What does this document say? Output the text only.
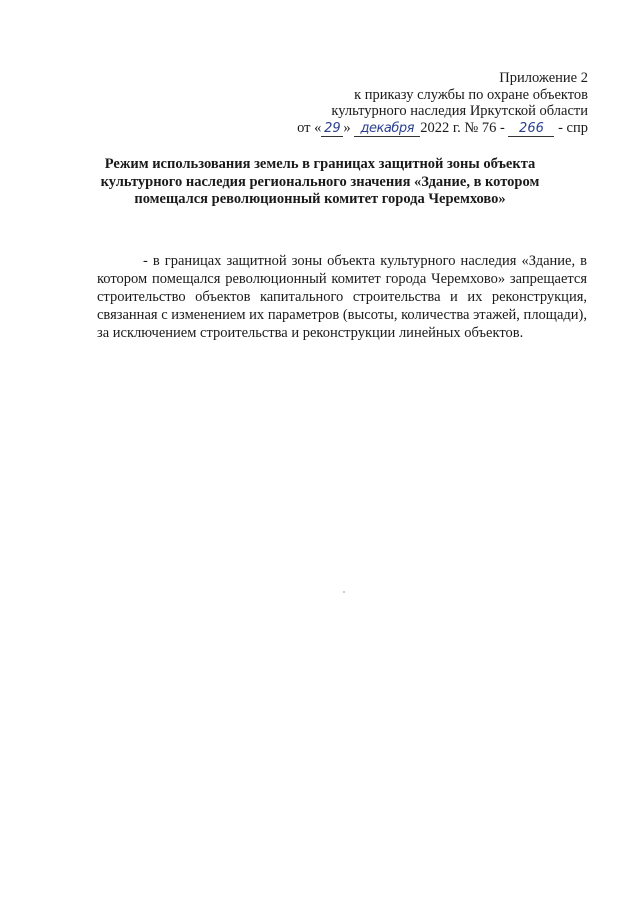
Приложение 2
к приказу службы по охране объектов
культурного наследия Иркутской области
от « 29 » декабря 2022 г. № 76 - 266 - спр
Режим использования земель в границах защитной зоны объекта культурного наследия регионального значения «Здание, в котором помещался революционный комитет города Черемхово»

- в границах защитной зоны объекта культурного наследия «Здание, в котором помещался революционный комитет города Черемхово» запрещается строительство объектов капитального строительства и их реконструкция, связанная с изменением их параметров (высоты, количества этажей, площади), за исключением строительства и реконструкции линейных объектов.
